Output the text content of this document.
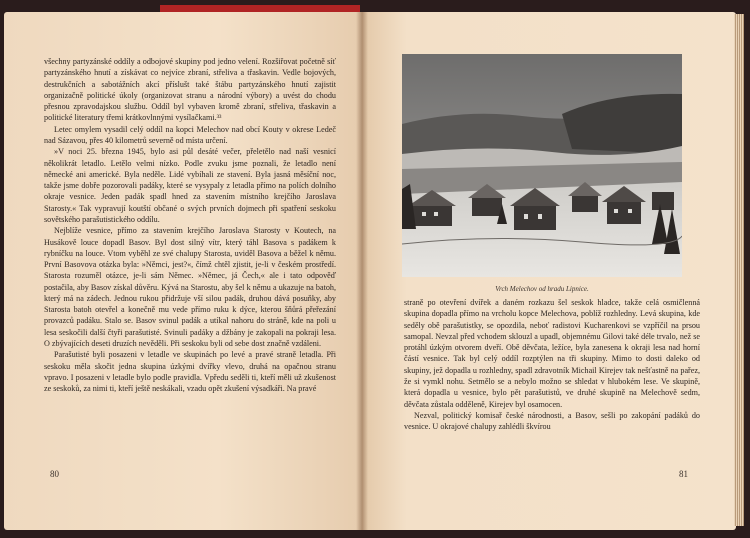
všechny partyzánské oddíly a odbojové skupiny pod jedno velení. Rozšiřovat početně síť partyzánského hnutí a získávat co nejvíce zbraní, střeliva a třaskavin. Vedle bojových, destrukčních a sabotážních akcí příslušt také štábu partyzánského hnutí zajistit organizačně politické úkoly (organizovat stranu a národní výbory) a uvést do chodu přesnou zpravodajskou službu. Oddíl byl vybaven kromě zbraní, střeliva, třaskavin a politické literatury třemi krátkovlnnými vysílačkami.³³

Letec omylem vysadil celý oddíl na kopci Melechov nad obcí Kouty v okrese Ledeč nad Sázavou, přes 40 kilometrů severně od místa určení.

»V noci 25. března 1945, bylo asi půl desáté večer, přeletělo nad naší vesnicí několikrát letadlo. Letělo velmi nízko. Podle zvuku jsme poznali, že letadlo není německé ani americké. Byla neděle. Lidé vybíhali ze stavení. Byla jasná měsíční noc, takže jsme dobře pozorovali padáky, které se vysypaly z letadla přímo na polích dolního okraje vesnice. Jeden padák spadl hned za stavením místního krejčího Jaroslava Starosty.« Tak vypravují koutští občané o svých prvních dojmech při spatření seskoku sovětského parašutistického oddílu.

Nejblíže vesnice, přímo za stavením krejčího Jaroslava Starosty v Koutech, na Husákově louce dopadl Basov. Byl dost silný vítr, který táhl Basova s padákem k rybníčku na louce. Vtom vyběhl ze své chalupy Starosta, uviděl Basova a běžel k němu. První Basovova otázka byla: »Němci, jest?«, čímž chtěl zjistit, je-li v českém prostředí. Starosta rozuměl otázce, je-li sám Němec. »Němec, já Čech,« ale i tato odpověď postačila, aby Basov získal důvěru. Kývá na Starostu, aby šel k němu a ukazuje na batoh, který má na zádech. Jednou rukou přidržuje vší silou padák, druhou dává posuňky, aby Starosta batoh otevřel a konečně mu vede přímo ruku k dýce, kterou šňůrá přeřezání provazců padáku. Stalo se. Basov svinul padák a utíkal nahoru do stráně, kde na poli u lesa seskočili další čtyři parašutisté. Svinuli padáky a džbány je zakopali na pokraji lesa. O zbývajících deseti druzích nevěděli. Při seskoku byli od sebe dost značně vzdáleni.

Parašutisté byli posazeni v letadle ve skupinách po levé a pravé straně letadla. Při seskoku měla skočit jedna skupina úzkými dvířky vlevo, druhá na opačnou stranu vpravo. I posazeni v letadle bylo podle pravidla. Vpředu seděli ti, kteří měli už zkušenost ze seskoků, za nimi ti, kteří ještě neskákali, vzadu opět zkušení výsadkáři. Na pravé

80
Vrch Melechov od hradu Lipnice.

straně po otevření dvířek a daném rozkazu šel seskok hladce, takže celá osmičlenná skupina dopadla přímo na vrcholu kopce Melechova, poblíž rozhledny. Levá skupina, kde seděly obě parašutistky, se opozdila, neboť radistovi Kucharenkovi se vzpříčil na prsou samopal. Nevzal před vchodem sklouzl a upadl, objemnému Gilovi také déle trvalo, než se protáhl úzkým otvorem dveří. Obě děvčata, ležíce, byla zanesena k okraji lesa nad horní částí vesnice. Tak byl celý oddíl rozptýlen na tři skupiny. Mimo to dosti daleko od skupiny, jež dopadla u rozhledny, spadl zdravotník Michail Kirejev tak nešťastně na pařez, že si vymkl nohu. Setmělo se a nebylo možno se shledat v hlubokém lese. Ve skupině, která dopadla u vesnice, bylo pět parašutistů, ve druhé skupině na Melechově sedm, děvčata zůstala odděleně, Kirejev byl osamocen.

Nezval, politický komisař české národnosti, a Basov, sešli po zakopání padáků do vesnice. U okrajové chalupy zahlédli škvírou

81
